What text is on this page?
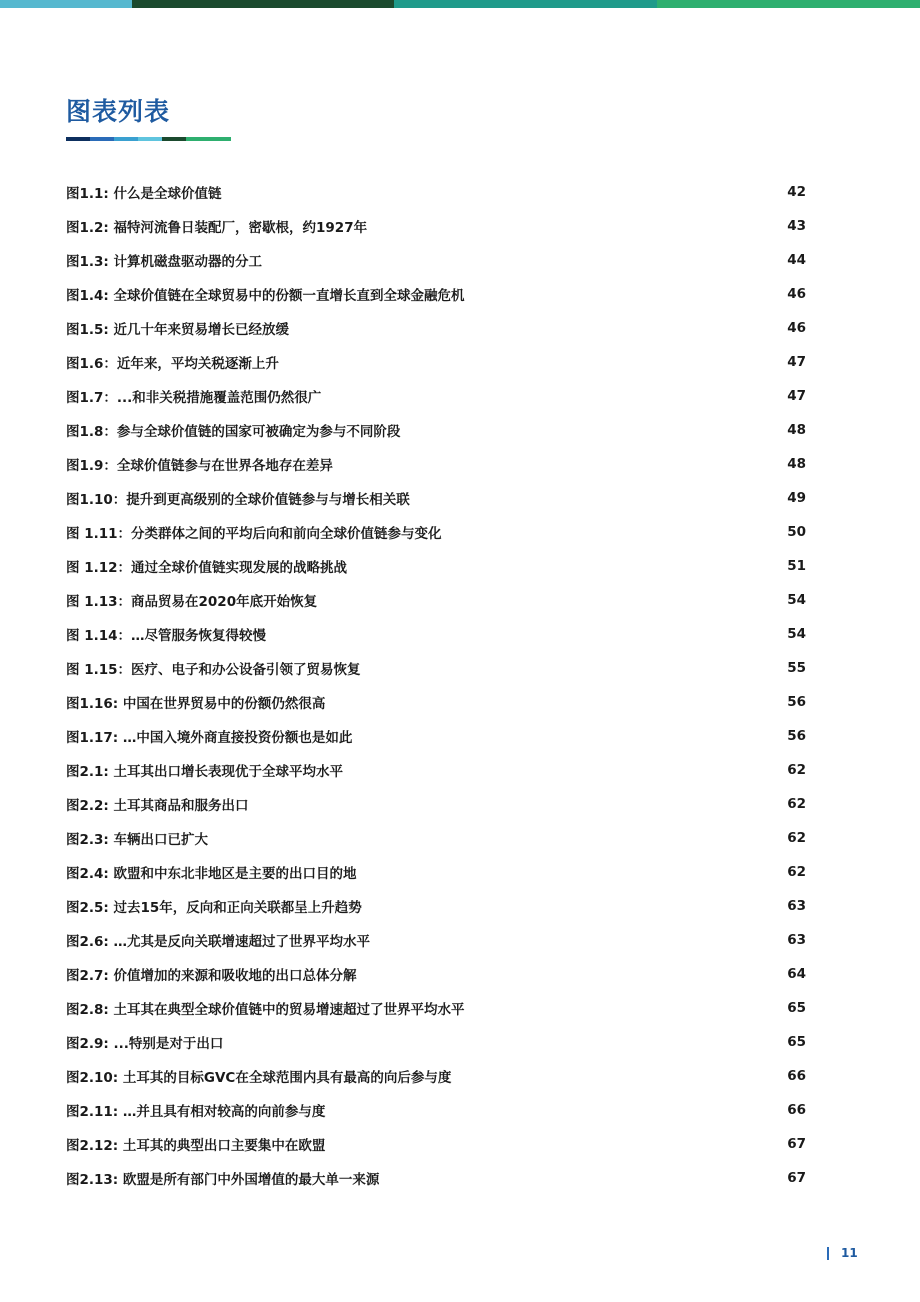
图表列表
图1.1: 什么是全球价值链	42
图1.2: 福特河流鲁日装配厂，密歇根，约1927年	43
图1.3: 计算机磁盘驱动器的分工	44
图1.4: 全球价值链在全球贸易中的份额一直增长直到全球金融危机	46
图1.5: 近几十年来贸易增长已经放缓	46
图1.6：近年来，平均关税逐渐上升	47
图1.7：...和非关税措施覆盖范围仍然很广	47
图1.8：参与全球价值链的国家可被确定为参与不同阶段	48
图1.9：全球价值链参与在世界各地存在差异	48
图1.10：提升到更高级别的全球价值链参与与增长相关联	49
图 1.11：分类群体之间的平均后向和前向全球价值链参与变化	50
图 1.12：通过全球价值链实现发展的战略挑战	51
图 1.13：商品贸易在2020年底开始恢复	54
图 1.14：…尽管服务恢复得较慢	54
图 1.15：医疗、电子和办公设备引领了贸易恢复	55
图1.16: 中国在世界贸易中的份额仍然很高	56
图1.17: …中国入境外商直接投资份额也是如此	56
图2.1: 土耳其出口增长表现优于全球平均水平	62
图2.2: 土耳其商品和服务出口	62
图2.3: 车辆出口已扩大	62
图2.4: 欧盟和中东北非地区是主要的出口目的地	62
图2.5: 过去15年，反向和正向关联都呈上升趋势	63
图2.6: …尤其是反向关联增速超过了世界平均水平	63
图2.7: 价值增加的来源和吸收地的出口总体分解	64
图2.8: 土耳其在典型全球价值链中的贸易增速超过了世界平均水平	65
图2.9: ...特别是对于出口	65
图2.10: 土耳其的目标GVC在全球范围内具有最高的向后参与度	66
图2.11: …并且具有相对较高的向前参与度	66
图2.12: 土耳其的典型出口主要集中在欧盟	67
图2.13: 欧盟是所有部门中外国增值的最大单一来源	67
11
